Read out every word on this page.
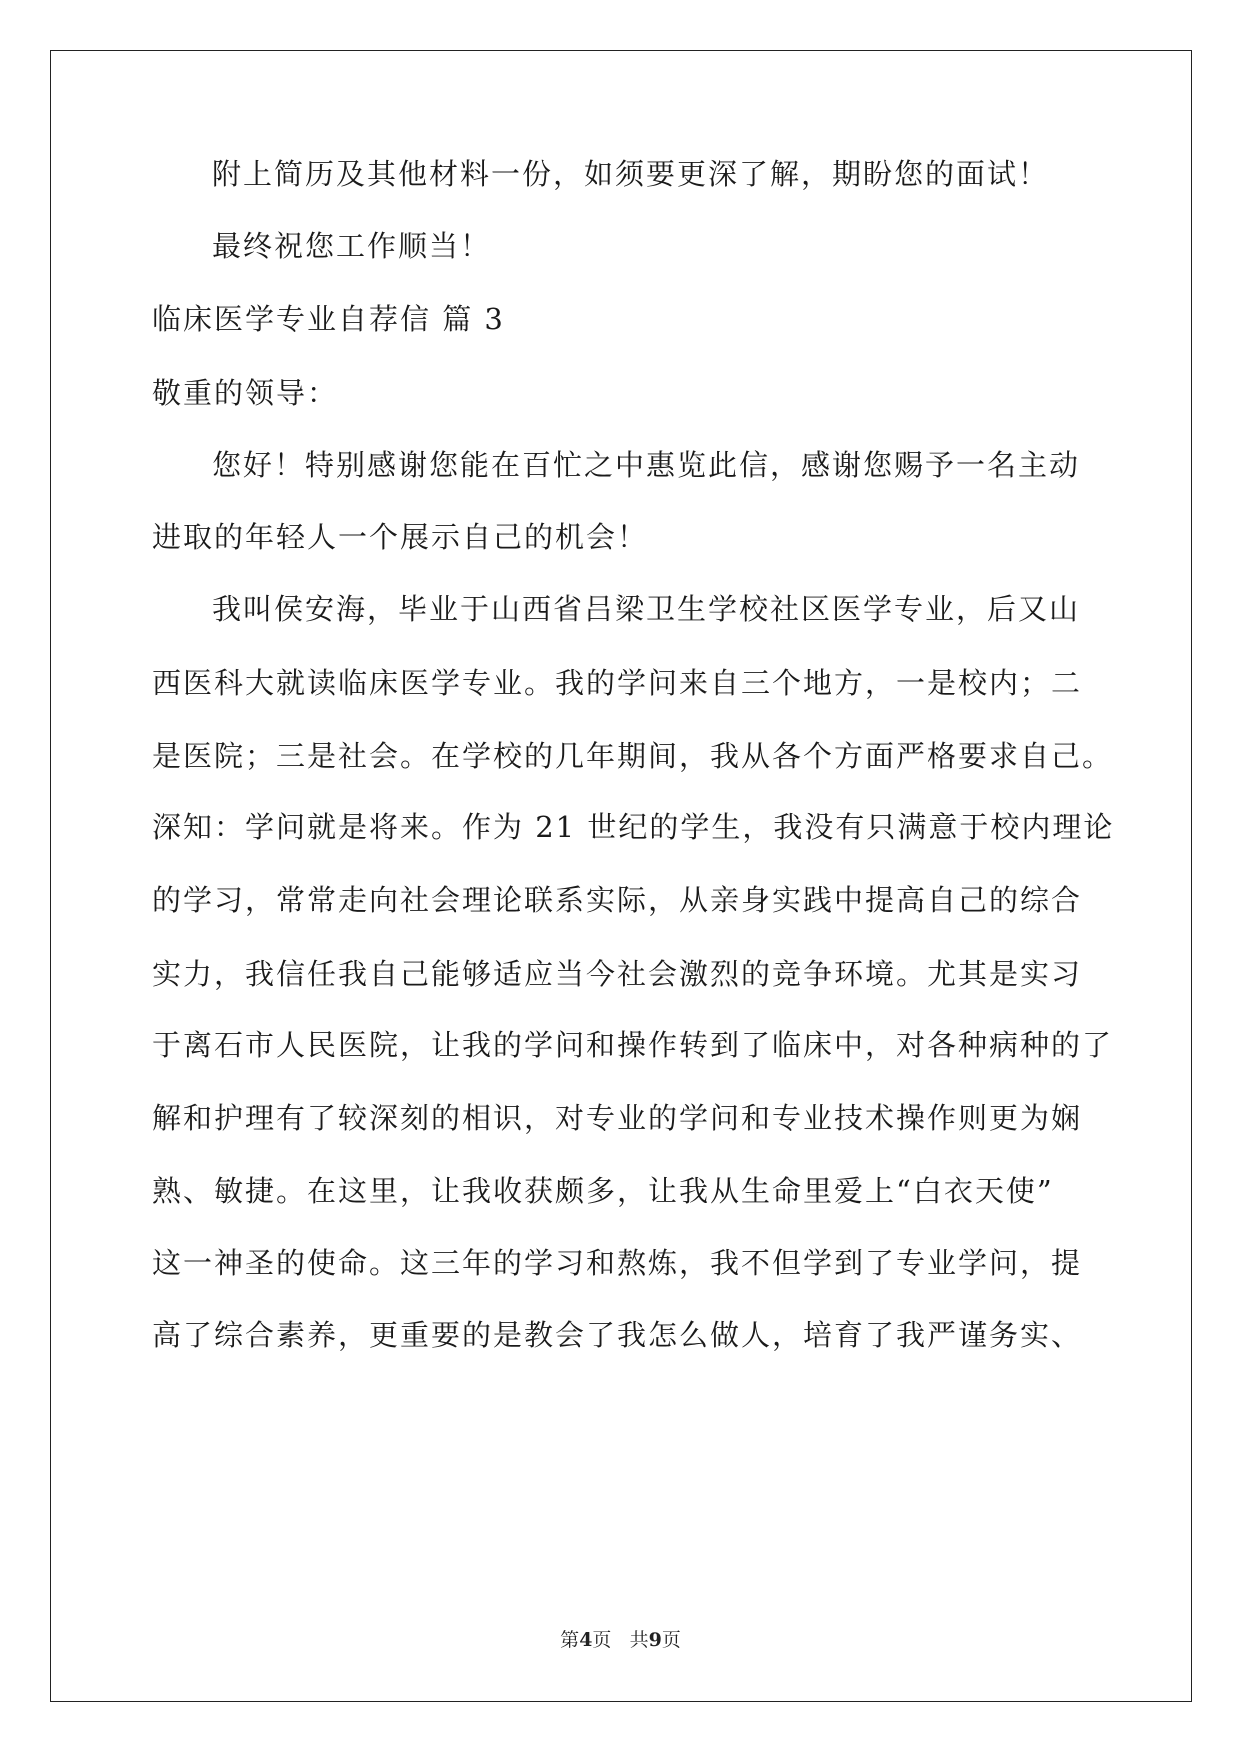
附上简历及其他材料一份，如须要更深了解，期盼您的面试！
最终祝您工作顺当！
临床医学专业自荐信 篇 3
敬重的领导：
您好！特别感谢您能在百忙之中惠览此信，感谢您赐予一名主动
进取的年轻人一个展示自己的机会！
我叫侯安海，毕业于山西省吕梁卫生学校社区医学专业，后又山
西医科大就读临床医学专业。我的学问来自三个地方，一是校内；二
是医院；三是社会。在学校的几年期间，我从各个方面严格要求自己。
深知：学问就是将来。作为 21 世纪的学生，我没有只满意于校内理论
的学习，常常走向社会理论联系实际，从亲身实践中提高自己的综合
实力，我信任我自己能够适应当今社会激烈的竞争环境。尤其是实习
于离石市人民医院，让我的学问和操作转到了临床中，对各种病种的了
解和护理有了较深刻的相识，对专业的学问和专业技术操作则更为娴
熟、敏捷。在这里，让我收获颇多，让我从生命里爱上“白衣天使”
这一神圣的使命。这三年的学习和熬炼，我不但学到了专业学问，提
高了综合素养，更重要的是教会了我怎么做人，培育了我严谨务实、
第4页 共9页
